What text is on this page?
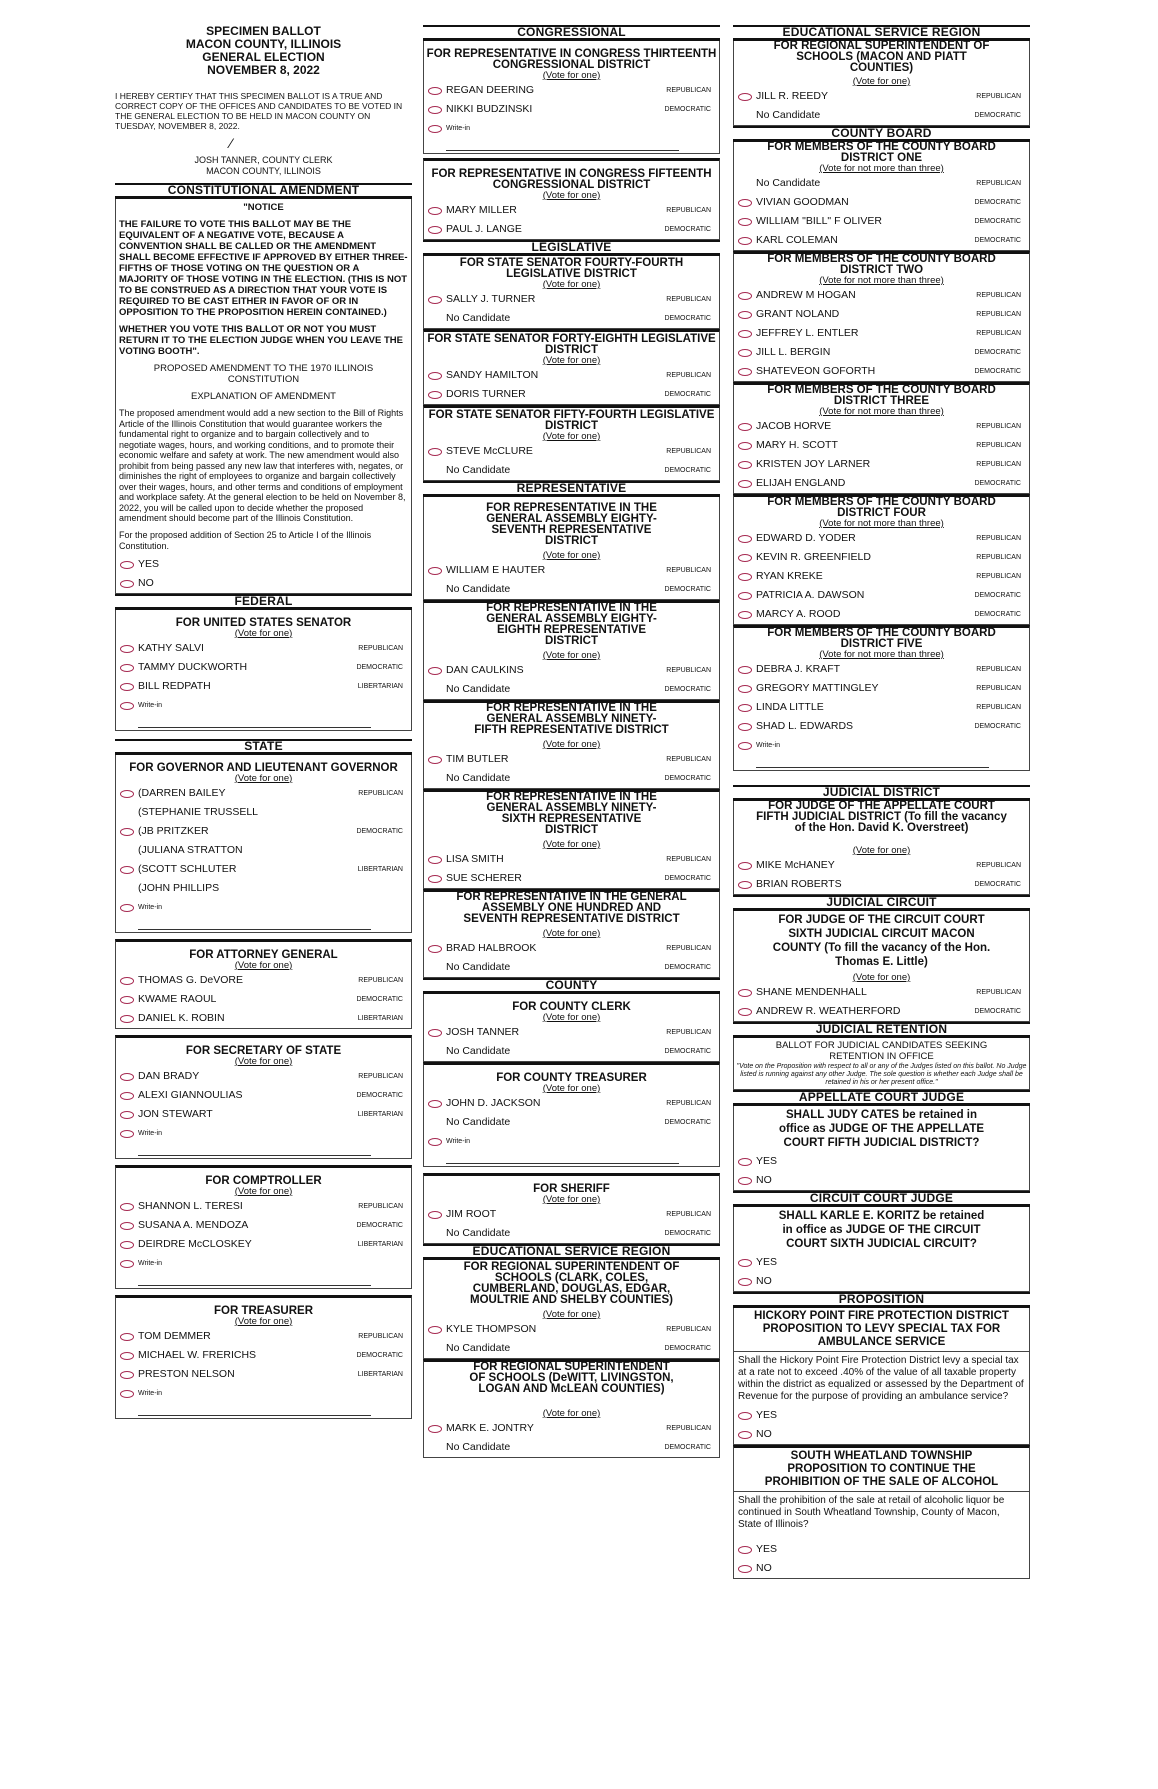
SPECIMEN BALLOT
MACON COUNTY, ILLINOIS
GENERAL ELECTION
NOVEMBER 8, 2022
I HEREBY CERTIFY THAT THIS SPECIMEN BALLOT IS A TRUE AND CORRECT COPY OF THE OFFICES AND CANDIDATES TO BE VOTED IN THE GENERAL ELECTION TO BE HELD IN MACON COUNTY ON TUESDAY, NOVEMBER 8, 2022.
⁄
JOSH TANNER, COUNTY CLERK
MACON COUNTY, ILLINOIS
CONSTITUTIONAL AMENDMENT
"NOTICE
THE FAILURE TO VOTE THIS BALLOT MAY BE THE EQUIVALENT OF A NEGATIVE VOTE, BECAUSE A CONVENTION SHALL BE CALLED OR THE AMENDMENT SHALL BECOME EFFECTIVE IF APPROVED BY EITHER THREE-FIFTHS OF THOSE VOTING ON THE QUESTION OR A MAJORITY OF THOSE VOTING IN THE ELECTION. (THIS IS NOT TO BE CONSTRUED AS A DIRECTION THAT YOUR VOTE IS REQUIRED TO BE CAST EITHER IN FAVOR OF OR IN OPPOSITION TO THE PROPOSITION HEREIN CONTAINED.)
WHETHER YOU VOTE THIS BALLOT OR NOT YOU MUST RETURN IT TO THE ELECTION JUDGE WHEN YOU LEAVE THE VOTING BOOTH".
PROPOSED AMENDMENT TO THE 1970 ILLINOIS CONSTITUTION
EXPLANATION OF AMENDMENT
The proposed amendment would add a new section to the Bill of Rights Article of the Illinois Constitution that would guarantee workers the fundamental right to organize and to bargain collectively and to negotiate wages, hours, and working conditions, and to promote their economic welfare and safety at work. The new amendment would also prohibit from being passed any new law that interferes with, negates, or diminishes the right of employees to organize and bargain collectively over their wages, hours, and other terms and conditions of employment and workplace safety. At the general election to be held on November 8, 2022, you will be called upon to decide whether the proposed amendment should become part of the Illinois Constitution.
For the proposed addition of Section 25 to Article I of the Illinois Constitution.
YES
NO
FEDERAL
FOR UNITED STATES SENATOR
(Vote for one)
KATHY SALVI	REPUBLICAN
TAMMY DUCKWORTH	DEMOCRATIC
BILL REDPATH	LIBERTARIAN
Write-in
STATE
FOR GOVERNOR AND LIEUTENANT GOVERNOR
(Vote for one)
(DARREN BAILEY	REPUBLICAN
(STEPHANIE TRUSSELL
(JB PRITZKER	DEMOCRATIC
(JULIANA STRATTON
(SCOTT SCHLUTER	LIBERTARIAN
(JOHN PHILLIPS
Write-in
FOR ATTORNEY GENERAL
(Vote for one)
THOMAS G. DeVORE	REPUBLICAN
KWAME RAOUL	DEMOCRATIC
DANIEL K. ROBIN	LIBERTARIAN
FOR SECRETARY OF STATE
(Vote for one)
DAN BRADY	REPUBLICAN
ALEXI GIANNOULIAS	DEMOCRATIC
JON STEWART	LIBERTARIAN
Write-in
FOR COMPTROLLER
(Vote for one)
SHANNON L. TERESI	REPUBLICAN
SUSANA A. MENDOZA	DEMOCRATIC
DEIRDRE McCLOSKEY	LIBERTARIAN
Write-in
FOR TREASURER
(Vote for one)
TOM DEMMER	REPUBLICAN
MICHAEL W. FRERICHS	DEMOCRATIC
PRESTON NELSON	LIBERTARIAN
Write-in
CONGRESSIONAL
FOR REPRESENTATIVE IN CONGRESS THIRTEENTH CONGRESSIONAL DISTRICT
(Vote for one)
REGAN DEERING	REPUBLICAN
NIKKI BUDZINSKI	DEMOCRATIC
Write-in
FOR REPRESENTATIVE IN CONGRESS FIFTEENTH CONGRESSIONAL DISTRICT
(Vote for one)
MARY MILLER	REPUBLICAN
PAUL J. LANGE	DEMOCRATIC
LEGISLATIVE
FOR STATE SENATOR FOURTY-FOURTH LEGISLATIVE DISTRICT
(Vote for one)
SALLY J. TURNER	REPUBLICAN
No Candidate	DEMOCRATIC
FOR STATE SENATOR FORTY-EIGHTH LEGISLATIVE DISTRICT
(Vote for one)
SANDY HAMILTON	REPUBLICAN
DORIS TURNER	DEMOCRATIC
FOR STATE SENATOR FIFTY-FOURTH LEGISLATIVE DISTRICT
(Vote for one)
STEVE McCLURE	REPUBLICAN
No Candidate	DEMOCRATIC
REPRESENTATIVE
FOR REPRESENTATIVE IN THE GENERAL ASSEMBLY EIGHTY-SEVENTH REPRESENTATIVE DISTRICT
(Vote for one)
WILLIAM E HAUTER	REPUBLICAN
No Candidate	DEMOCRATIC
FOR REPRESENTATIVE IN THE GENERAL ASSEMBLY EIGHTY-EIGHTH REPRESENTATIVE DISTRICT
(Vote for one)
DAN CAULKINS	REPUBLICAN
No Candidate	DEMOCRATIC
FOR REPRESENTATIVE IN THE GENERAL ASSEMBLY NINETY-FIFTH REPRESENTATIVE DISTRICT
(Vote for one)
TIM BUTLER	REPUBLICAN
No Candidate	DEMOCRATIC
FOR REPRESENTATIVE IN THE GENERAL ASSEMBLY NINETY-SIXTH REPRESENTATIVE DISTRICT
(Vote for one)
LISA SMITH	REPUBLICAN
SUE SCHERER	DEMOCRATIC
FOR REPRESENTATIVE IN THE GENERAL ASSEMBLY ONE HUNDRED AND SEVENTH REPRESENTATIVE DISTRICT
(Vote for one)
BRAD HALBROOK	REPUBLICAN
No Candidate	DEMOCRATIC
COUNTY
FOR COUNTY CLERK
(Vote for one)
JOSH TANNER	REPUBLICAN
No Candidate	DEMOCRATIC
FOR COUNTY TREASURER
(Vote for one)
JOHN D. JACKSON	REPUBLICAN
No Candidate	DEMOCRATIC
Write-in
FOR SHERIFF
(Vote for one)
JIM ROOT	REPUBLICAN
No Candidate	DEMOCRATIC
EDUCATIONAL SERVICE REGION
FOR REGIONAL SUPERINTENDENT OF SCHOOLS (CLARK, COLES, CUMBERLAND, DOUGLAS, EDGAR, MOULTRIE AND SHELBY COUNTIES)
(Vote for one)
KYLE THOMPSON	REPUBLICAN
No Candidate	DEMOCRATIC
FOR REGIONAL SUPERINTENDENT OF SCHOOLS (DeWITT, LIVINGSTON, LOGAN AND McLEAN COUNTIES)
(Vote for one)
MARK E. JONTRY	REPUBLICAN
No Candidate	DEMOCRATIC
EDUCATIONAL SERVICE REGION
FOR REGIONAL SUPERINTENDENT OF SCHOOLS (MACON AND PIATT COUNTIES)
(Vote for one)
JILL R. REEDY	REPUBLICAN
No Candidate	DEMOCRATIC
COUNTY BOARD
FOR MEMBERS OF THE COUNTY BOARD DISTRICT ONE
(Vote for not more than three)
No Candidate	REPUBLICAN
VIVIAN GOODMAN	DEMOCRATIC
WILLIAM "BILL" F OLIVER	DEMOCRATIC
KARL COLEMAN	DEMOCRATIC
FOR MEMBERS OF THE COUNTY BOARD DISTRICT TWO
(Vote for not more than three)
ANDREW M HOGAN	REPUBLICAN
GRANT NOLAND	REPUBLICAN
JEFFREY L. ENTLER	REPUBLICAN
JILL L. BERGIN	DEMOCRATIC
SHATEVEON GOFORTH	DEMOCRATIC
FOR MEMBERS OF THE COUNTY BOARD DISTRICT THREE
(Vote for not more than three)
JACOB HORVE	REPUBLICAN
MARY H. SCOTT	REPUBLICAN
KRISTEN JOY LARNER	REPUBLICAN
ELIJAH ENGLAND	DEMOCRATIC
FOR MEMBERS OF THE COUNTY BOARD DISTRICT FOUR
(Vote for not more than three)
EDWARD D. YODER	REPUBLICAN
KEVIN R. GREENFIELD	REPUBLICAN
RYAN KREKE	REPUBLICAN
PATRICIA A. DAWSON	DEMOCRATIC
MARCY A. ROOD	DEMOCRATIC
FOR MEMBERS OF THE COUNTY BOARD DISTRICT FIVE
(Vote for not more than three)
DEBRA J. KRAFT	REPUBLICAN
GREGORY MATTINGLEY	REPUBLICAN
LINDA LITTLE	REPUBLICAN
SHAD L. EDWARDS	DEMOCRATIC
Write-in
JUDICIAL DISTRICT
FOR JUDGE OF THE APPELLATE COURT FIFTH JUDICIAL DISTRICT (To fill the vacancy of the Hon. David K. Overstreet)
(Vote for one)
MIKE McHANEY	REPUBLICAN
BRIAN ROBERTS	DEMOCRATIC
JUDICIAL CIRCUIT
FOR JUDGE OF THE CIRCUIT COURT SIXTH JUDICIAL CIRCUIT MACON COUNTY (To fill the vacancy of the Hon. Thomas E. Little)
(Vote for one)
SHANE MENDENHALL	REPUBLICAN
ANDREW R. WEATHERFORD	DEMOCRATIC
JUDICIAL RETENTION
BALLOT FOR JUDICIAL CANDIDATES SEEKING RETENTION IN OFFICE
"Vote on the Proposition with respect to all or any of the Judges listed on this ballot. No Judge listed is running against any other Judge. The sole question is whether each Judge shall be retained in his or her present office."
APPELLATE COURT JUDGE
SHALL JUDY CATES be retained in office as JUDGE OF THE APPELLATE COURT FIFTH JUDICIAL DISTRICT?
YES
NO
CIRCUIT COURT JUDGE
SHALL KARLE E. KORITZ be retained in office as JUDGE OF THE CIRCUIT COURT SIXTH JUDICIAL CIRCUIT?
YES
NO
PROPOSITION
HICKORY POINT FIRE PROTECTION DISTRICT PROPOSITION TO LEVY SPECIAL TAX FOR AMBULANCE SERVICE
Shall the Hickory Point Fire Protection District levy a special tax at a rate not to exceed .40% of the value of all taxable property within the district as equalized or assessed by the Department of Revenue for the purpose of providing an ambulance service?
YES
NO
SOUTH WHEATLAND TOWNSHIP PROPOSITION TO CONTINUE THE PROHIBITION OF THE SALE OF ALCOHOL
Shall the prohibition of the sale at retail of alcoholic liquor be continued in South Wheatland Township, County of Macon, State of Illinois?
YES
NO
